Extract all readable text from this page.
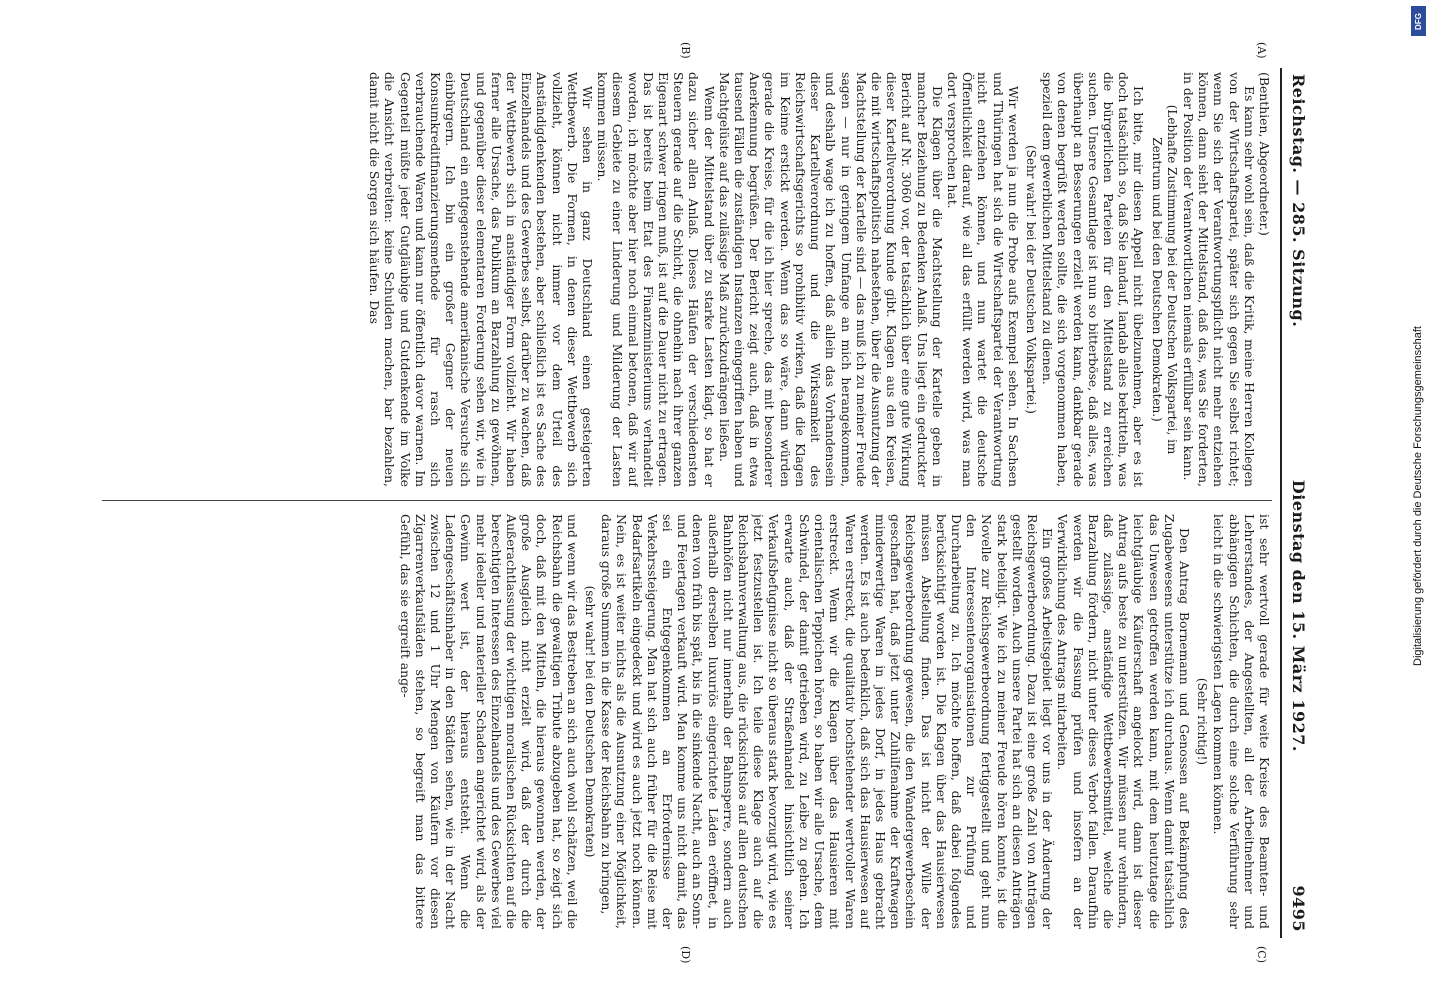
Reichstag. — 285. Sitzung.
Dienstag den 15. März 1927.                      9495
(A)
(B)
(C)
(D)

(Benthien, Abgeordneter.)

Es kann sehr wohl sein, daß die Kritik, meine Herren Kollegen von der Wirtschaftspartei, später sich gegen Sie selbst richtet; wenn Sie sich der Verantwortungspflicht nicht mehr entziehen können, dann sieht der Mittelstand, daß das, was Sie forderten, in der Position der Verantwortlichen niemals erfüllbar sein kann.

(Lebhafte Zustimmung bei der Deutschen Volkspartei, im Zentrum und bei den Deutschen Demokraten.)

Ich bitte, mir diesen Appell nicht übelzunehmen, aber es ist doch tatsächlich so, daß Sie landauf, landab alles bekritteln, was die bürgerlichen Parteien für den Mittelstand zu erreichen suchen. Unsere Gesamtlage ist nun so bitterböse, daß alles, was überhaupt an Besserungen erzielt werden kann, dankbar gerade von denen begrüßt werden sollte, die sich vorgenommen haben, speziell dem gewerblichen Mittelstand zu dienen.

(Sehr wahr! bei der Deutschen Volkspartei.)

Wir werden ja nun die Probe aufs Exempel sehen. In Sachsen und Thüringen hat sich die Wirtschaftspartei der Verantwortung nicht entziehen können, und nun wartet die deutsche Öffentlichkeit darauf, wie all das erfüllt werden wird, was man dort versprochen hat.

Die Klagen über die Machtstellung der Kartelle geben in mancher Beziehung zu Bedenken Anlaß. Uns liegt ein gedruckter Bericht auf Nr. 3060 vor, der tatsächlich über eine gute Wirkung dieser Kartellverordnung Kunde gibt. Klagen aus den Kreisen, die mit wirtschaftspolitisch nahestehen, über die Ausnutzung der Machtstellung der Kartelle sind — das muß ich zu meiner Freude sagen — nur in geringem Umfange an mich herangekommen, und deshalb wage ich zu hoffen, daß allein das Vorhandensein dieser Kartellverordnung und die Wirksamkeit des Reichswirtschaftsgerichts so prohibitiv wirken, daß die Klagen im Keime erstickt werden. Wenn das so wäre, dann würden gerade die Kreise, für die ich hier spreche, das mit besonderer Anerkennung begrüßen. Der Bericht zeigt auch, daß in etwa tausend Fällen die zuständigen Instanzen eingegriffen haben und Machtgelüste auf das zulässige Maß zurückzudrängen ließen.

Wenn der Mittelstand über zu starke Lasten klagt, so hat er dazu sicher allen Anlaß. Dieses Häufen der verschiedensten Steuern gerade auf die Schicht, die ohnehin nach ihrer ganzen Eigenart schwer ringen muß, ist auf die Dauer nicht zu ertragen. Das ist bereits beim Etat des Finanzministeriums verhandelt worden, ich möchte aber hier noch einmal betonen, daß wir auf diesem Gebiete zu einer Linderung und Milderung der Lasten kommen müssen.

Wir sehen in ganz Deutschland einen gesteigerten Wettbewerb. Die Formen, in denen dieser Wettbewerb sich vollzieht, können nicht immer vor dem Urteil des Anständigdenkenden bestehen, aber schließlich ist es Sache des Einzelhandels und des Gewerbes selbst, darüber zu wachen, daß der Wettbewerb sich in anständiger Form vollzieht. Wir haben ferner alle Ursache, das Publikum an Barzahlung zu gewöhnen, und gegenüber dieser elementaren Forderung sehen wir, wie in Deutschland ein entgegenstehende amerikanische Versuche sich einbürgern. Ich bin ein großer Gegner der neuen Konsumkreditfinanzierungsmethode für rasch sich verbrauchende Waren und kann nur öffentlich davor warnen. Im Gegenteil müßte jeder Gutgläubige und Gutdenkende im Volke die Ansicht verbreiten: keine Schulden machen, bar bezahlen, damit nicht die Sorgen sich häufen. Das

ist sehr wertvoll gerade für weite Kreise des Beamten- und Lehrerstandes, der Angestellten, all der Arbeitnehmer und abhängigen Schichten, die durch eine solche Verführung sehr leicht in die schwierigsten Lagen kommen können.

(Sehr richtig!)

Den Antrag Bornemann und Genossen auf Bekämpfung des Zugabewesens unterstütze ich durchaus. Wenn damit tatsächlich das Unwesen getroffen werden kann, mit dem heutzutage die leichtgläubige Käuferschaft angelockt wird, dann ist dieser Antrag aufs beste zu unterstützen. Wir müssen nur verhindern, daß zulässige, anständige Wettbewerbsmittel, welche die Barzahlung fördern, nicht unter dieses Verbot fallen. Daraufhin werden wir die Fassung prüfen und insofern an der Verwirklichung des Antrags mitarbeiten.

Ein großes Arbeitsgebiet liegt vor uns in der Änderung der Reichsgewerbeordnung. Dazu ist eine große Zahl von Anträgen gestellt worden. Auch unsere Partei hat sich an diesen Anträgen stark beteiligt. Wie ich zu meiner Freude hören konnte, ist die Novelle zur Reichsgewerbeordnung fertiggestellt und geht nun den Interessentenorganisationen zur Prüfung und Durcharbeitung zu. Ich möchte hoffen, daß dabei folgendes berücksichtigt worden ist. Die Klagen über das Hausierwesen müssen Abstellung finden. Das ist nicht der Wille der Reichsgewerbeordnung gewesen, die den Wandergewerbeschein geschaffen hat, daß jetzt unter Zuhilfenahme der Kraftwagen minderwertige Waren in jedes Dorf, in jedes Haus gebracht werden. Es ist auch bedenklich, daß sich das Hausierwesen auf Waren erstreckt, die qualitativ hochstehender wertvoller Waren erstreckt. Wenn wir die Klagen über das Hausieren mit orientalischen Teppichen hören, so haben wir alle Ursache, dem Schwindel, der damit getrieben wird, zu Leibe zu gehen. Ich erwarte auch, daß der Straßenhandel hinsichtlich seiner Verkaufsbefugnisse nicht so überaus stark bevorzugt wird, wie es jetzt festzustellen ist. Ich teile diese Klage auch auf die Reichsbahnverwaltung aus, die rücksichtslos auf allen deutschen Bahnhöfen nicht nur innerhalb der Bahnsperre, sondern auch außerhalb derselben luxuriös eingerichtete Läden eröffnet, in denen von früh bis spät, bis in die sinkende Nacht, auch an Sonn- und Feiertagen verkauft wird. Man komme uns nicht damit, das sei ein Entgegenkommen an Erfordernisse der Verkehrssteigerung. Man hat sich auch früher für die Reise mit Bedarfsartikeln eingedeckt und wird es auch jetzt noch können. Nein, es ist weiter nichts als die Ausnutzung einer Möglichkeit, daraus große Summen in die Kasse der Reichsbahn zu bringen,

(sehr wahr! bei den Deutschen Demokraten)

und wenn wir das Bestreben an sich auch wohl schätzen, weil die Reichsbahn die gewaltigen Tribute abzugeben hat, so zeigt sich doch, daß mit den Mitteln, die hieraus gewonnen werden, der große Ausgleich nicht erzielt wird, daß der durch die Außerachtlassung der wichtigen moralischen Rücksichten auf die berechtigten Interessen des Einzelhandels und des Gewerbes viel mehr ideeller und materieller Schaden angerichtet wird, als der Gewinn wert ist, der hieraus entsteht. Wenn die Ladengeschäftsinhaber in den Städten sehen, wie in der Nacht zwischen 12 und 1 Uhr Mengen von Käufern vor diesen Zigarrenverkaufsläden stehen, so begreift man das bittere Gefühl, das sie ergreift ange-

DFG
Digitalisierung gefördert durch die Deutsche Forschungsgemeinschaft
